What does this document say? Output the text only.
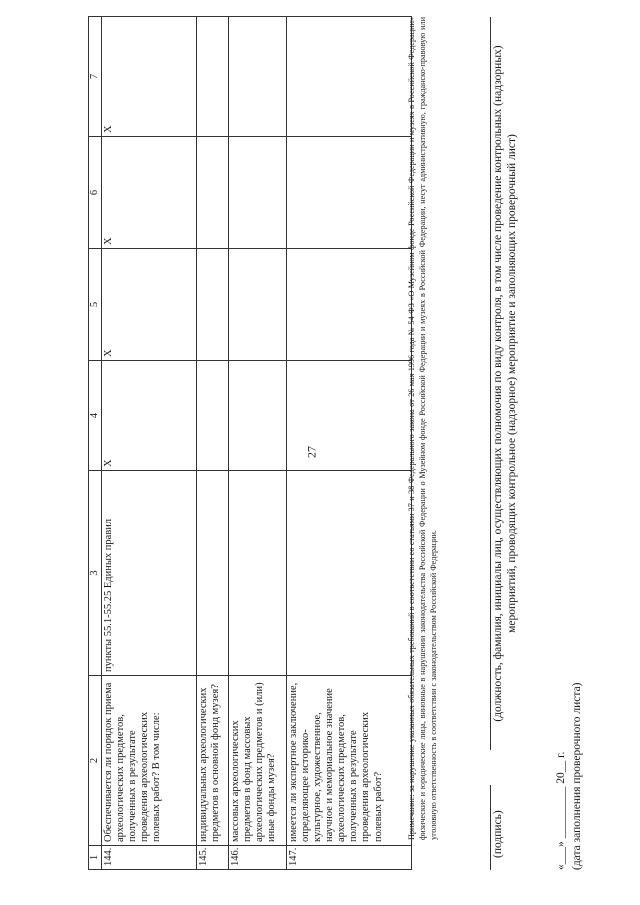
27
1	2	3	4	5	6	7
144.	Обеспечивается ли порядок приема археологических предметов, полученных в результате проведения археологических полевых работ? В том числе:	пункты 55.1-55.25 Единых правил	Х	Х	Х	Х
145.	индивидуальных археологических предметов в основной фонд музея?					
146.	массовых археологических предметов в фонд массовых археологических предметов и (или) иные фонды музея?					
147.	имеется ли экспертное заключение, определяющее историко-культурное, художественное, научное и мемориальное значение археологических предметов, полученных в результате проведения археологических полевых работ?						Примечание: за нарушение указанных обязательных требований в соответствии со статьями 37 и 38 Федерального закона от 26 мая 1996 года № 54-ФЗ «О Музейном фонде Российской Федерации и музеях в Российской Федерации» физические и юридические лица, виновные в нарушении законодательства Российской Федерации о Музейном фонде Российской Федерации и музеях в Российской Федерации, несут административную, гражданско-правовую или уголовную ответственность в соответствии с законодательством Российской Федерации.	(подпись)
(должность, фамилия, инициалы лиц, осуществляющих полномочия по виду контроля, в том числе проведение контрольных (надзорных) мероприятий, проводящих контрольное (надзорное) мероприятие и заполняющих проверочный лист)
«___» _________ 20__ г. (дата заполнения проверочного листа)
